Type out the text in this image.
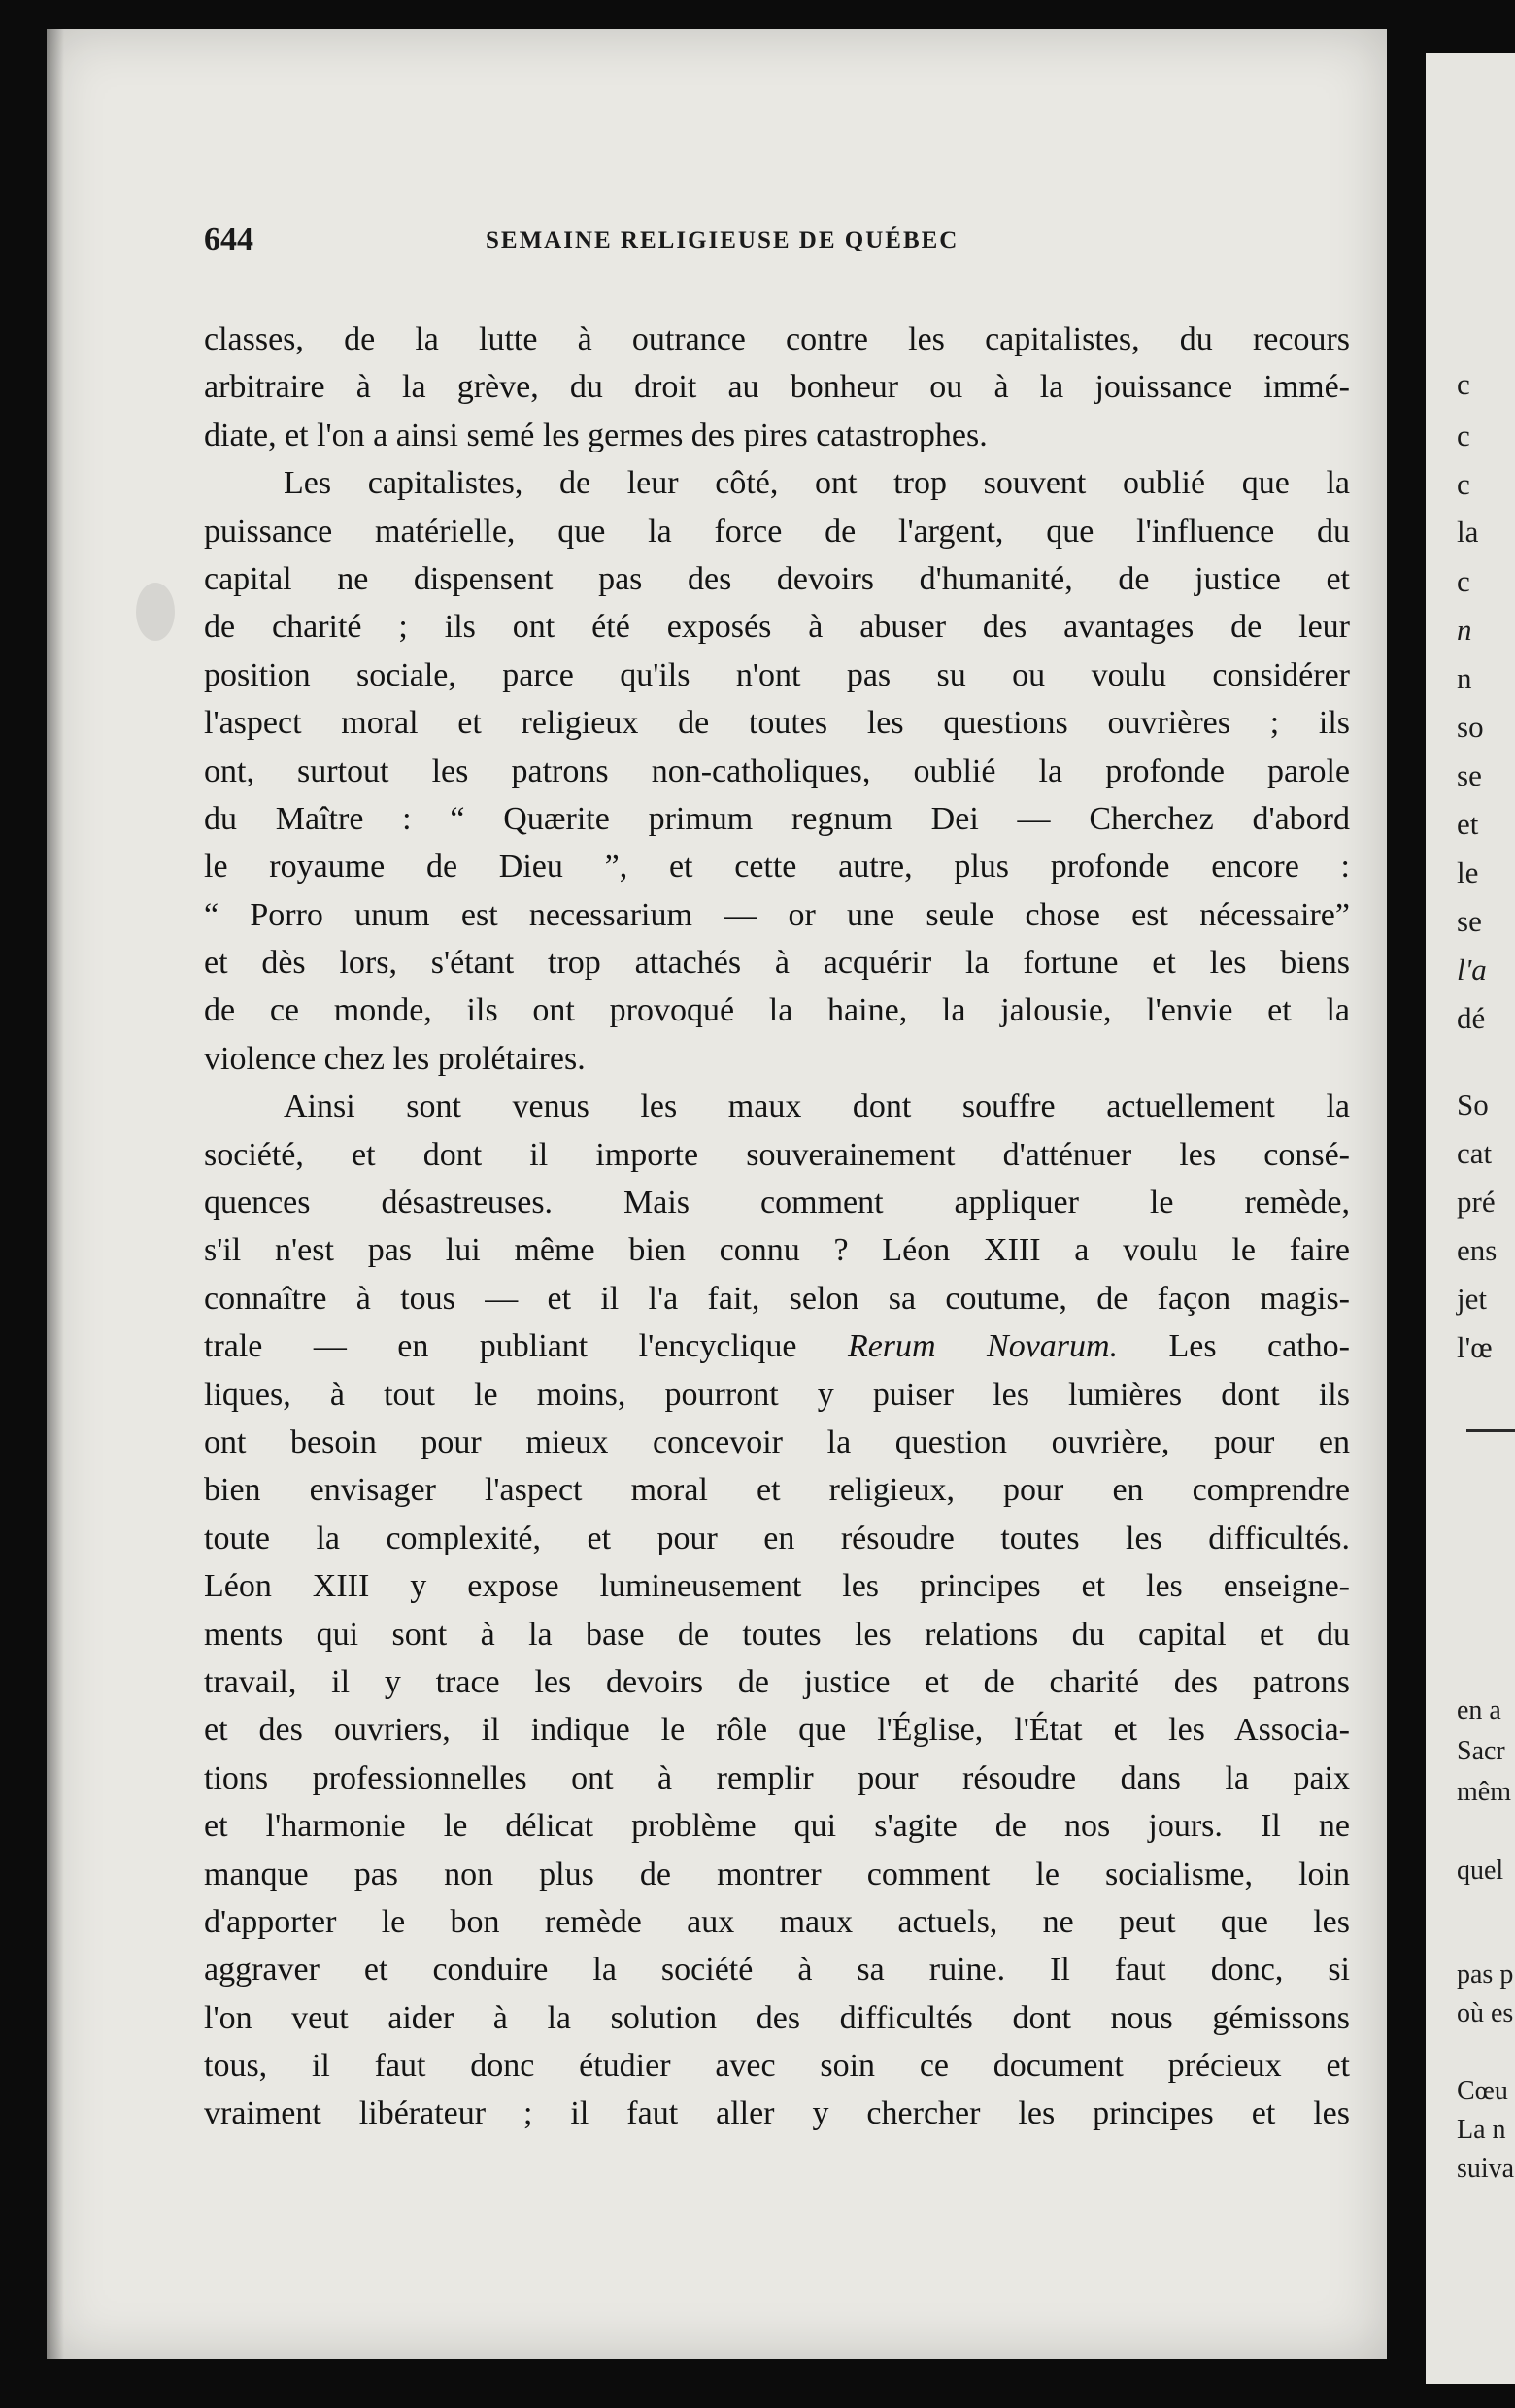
c
c
c
la
c
n
n
so
se
et
le
se
l'a
dé
So
cat
pré
ens
jet
l'œ
en a
Sacr
mêm
quel
pas p
où es
Cœu
La n
suiva
644	SEMAINE RELIGIEUSE DE QUÉBEC
classes, de la lutte à outrance contre les capitalistes, du recours
arbitraire à la grève, du droit au bonheur ou à la jouissance immé-
diate, et l'on a ainsi semé les germes des pires catastrophes.
Les capitalistes, de leur côté, ont trop souvent oublié que la
puissance matérielle, que la force de l'argent, que l'influence du
capital ne dispensent pas des devoirs d'humanité, de justice et
de charité ; ils ont été exposés à abuser des avantages de leur
position sociale, parce qu'ils n'ont pas su ou voulu considérer
l'aspect moral et religieux de toutes les questions ouvrières ; ils
ont, surtout les patrons non-catholiques, oublié la profonde parole
du Maître : “ Quærite primum regnum Dei — Cherchez d'abord
le royaume de Dieu ”, et cette autre, plus profonde encore :
“ Porro unum est necessarium — or une seule chose est nécessaire”
et dès lors, s'étant trop attachés à acquérir la fortune et les biens
de ce monde, ils ont provoqué la haine, la jalousie, l'envie et la
violence chez les prolétaires.
Ainsi sont venus les maux dont souffre actuellement la
société, et dont il importe souverainement d'atténuer les consé-
quences désastreuses. Mais comment appliquer le remède,
s'il n'est pas lui même bien connu ? Léon XIII a voulu le faire
connaître à tous — et il l'a fait, selon sa coutume, de façon magis-
trale — en publiant l'encyclique Rerum Novarum. Les catho-
liques, à tout le moins, pourront y puiser les lumières dont ils
ont besoin pour mieux concevoir la question ouvrière, pour en
bien envisager l'aspect moral et religieux, pour en comprendre
toute la complexité, et pour en résoudre toutes les difficultés.
Léon XIII y expose lumineusement les principes et les enseigne-
ments qui sont à la base de toutes les relations du capital et du
travail, il y trace les devoirs de justice et de charité des patrons
et des ouvriers, il indique le rôle que l'Église, l'État et les Associa-
tions professionnelles ont à remplir pour résoudre dans la paix
et l'harmonie le délicat problème qui s'agite de nos jours. Il ne
manque pas non plus de montrer comment le socialisme, loin
d'apporter le bon remède aux maux actuels, ne peut que les
aggraver et conduire la société à sa ruine. Il faut donc, si
l'on veut aider à la solution des difficultés dont nous gémissons
tous, il faut donc étudier avec soin ce document précieux et
vraiment libérateur ; il faut aller y chercher les principes et les
